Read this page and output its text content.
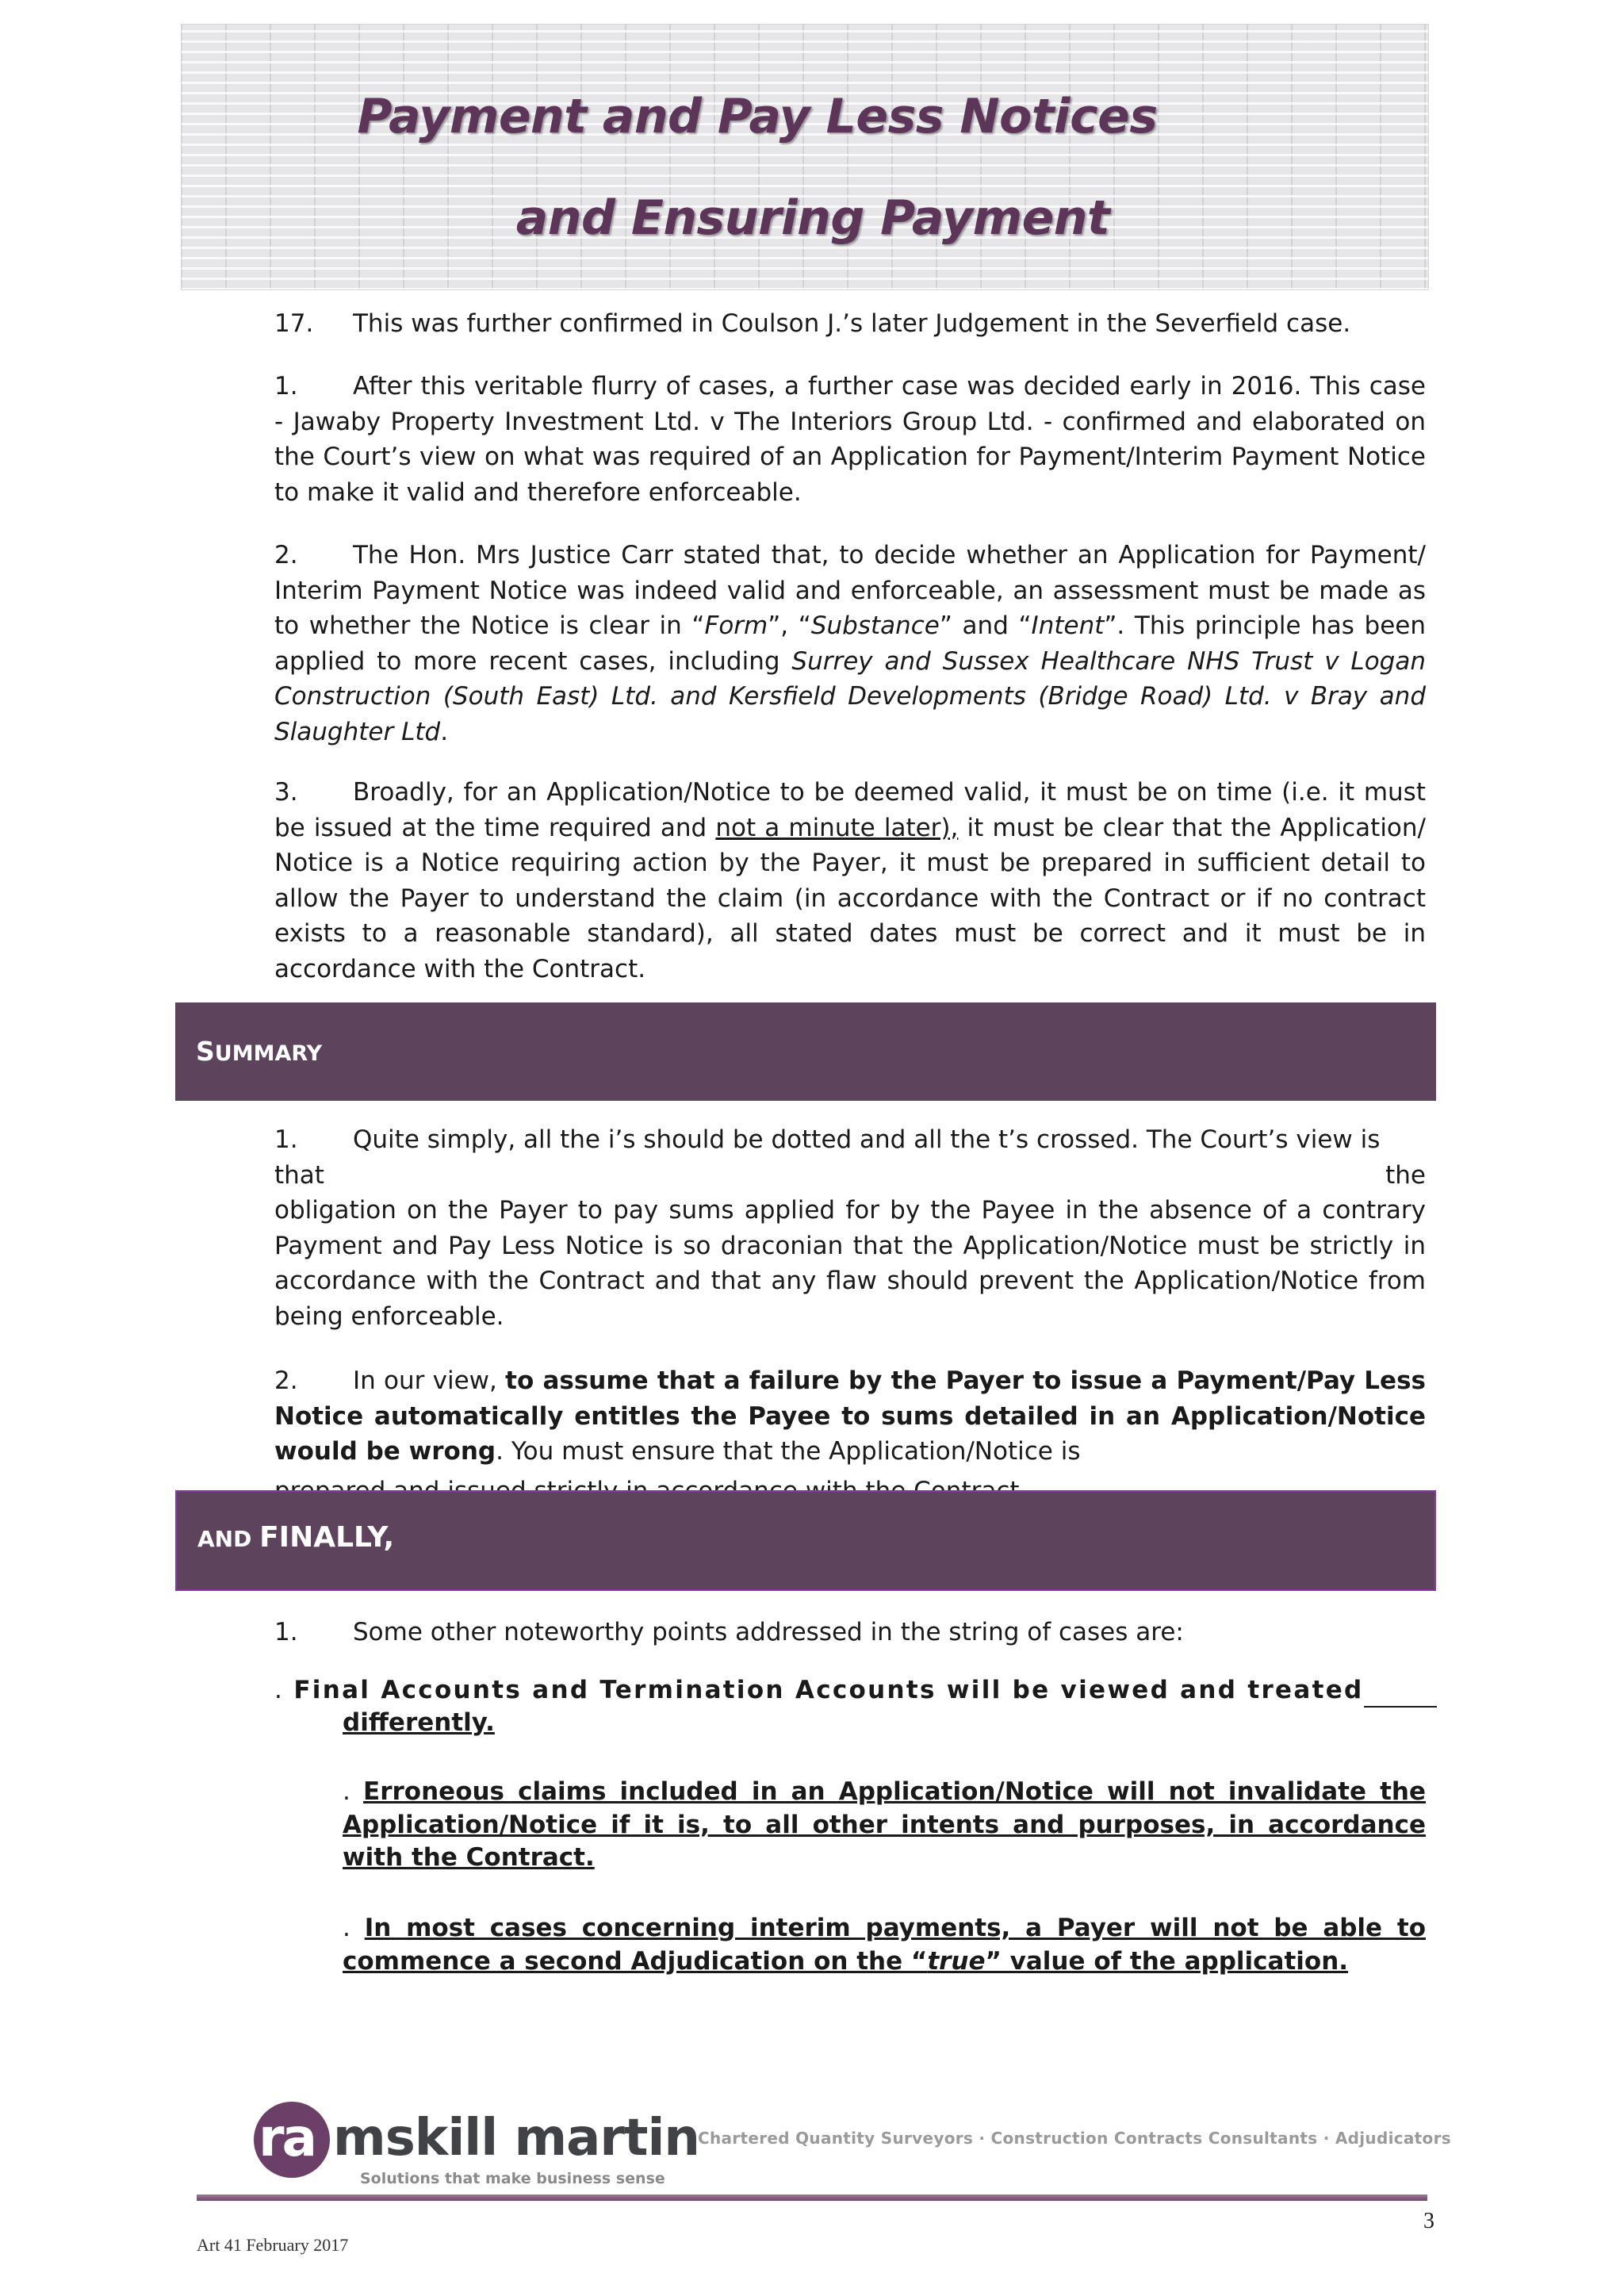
Payment and Pay Less Notices
and Ensuring Payment

17. This was further confirmed in Coulson J.’s later Judgement in the Severfield case.

1. After this veritable flurry of cases, a further case was decided early in 2016. This case - Jawaby Property Investment Ltd. v The Interiors Group Ltd. - confirmed and elaborated on the Court’s view on what was required of an Application for Payment/Interim Payment Notice to make it valid and therefore enforceable.

2. The Hon. Mrs Justice Carr stated that, to decide whether an Application for Payment/ Interim Payment Notice was indeed valid and enforceable, an assessment must be made as to whether the Notice is clear in “Form”, “Substance” and “Intent”. This principle has been applied to more recent cases, including Surrey and Sussex Healthcare NHS Trust v Logan Construction (South East) Ltd. and Kersfield Developments (Bridge Road) Ltd. v Bray and Slaughter Ltd.

3. Broadly, for an Application/Notice to be deemed valid, it must be on time (i.e. it must be issued at the time required and not a minute later), it must be clear that the Application/ Notice is a Notice requiring action by the Payer, it must be prepared in sufficient detail to allow the Payer to understand the claim (in accordance with the Contract or if no contract exists to a reasonable standard), all stated dates must be correct and it must be in accordance with the Contract.

SUMMARY

1. Quite simply, all the i’s should be dotted and all the t’s crossed. The Court’s view is

that	the
obligation on the Payer to pay sums applied for by the Payee in the absence of a contrary Payment and Pay Less Notice is so draconian that the Application/Notice must be strictly in accordance with the Contract and that any flaw should prevent the Application/Notice from being enforceable.

2. In our view, to assume that a failure by the Payer to issue a Payment/Pay Less Notice automatically entitles the Payee to sums detailed in an Application/Notice would be wrong. You must ensure that the Application/Notice is

AND FINALLY,

1. Some other noteworthy points addressed in the string of cases are:

. Final Accounts and Termination Accounts will be viewed and treated

differently.

. Erroneous claims included in an Application/Notice will not invalidate the Application/Notice if it is, to all other intents and purposes, in accordance with the Contract.

. In most cases concerning interim payments, a Payer will not be able to commence a second Adjudication on the “true” value of the application.

ra mskill martin
Solutions that make business sense
Chartered Quantity Surveyors · Construction Contracts Consultants · Adjudicators
3
Art 41 February 2017
